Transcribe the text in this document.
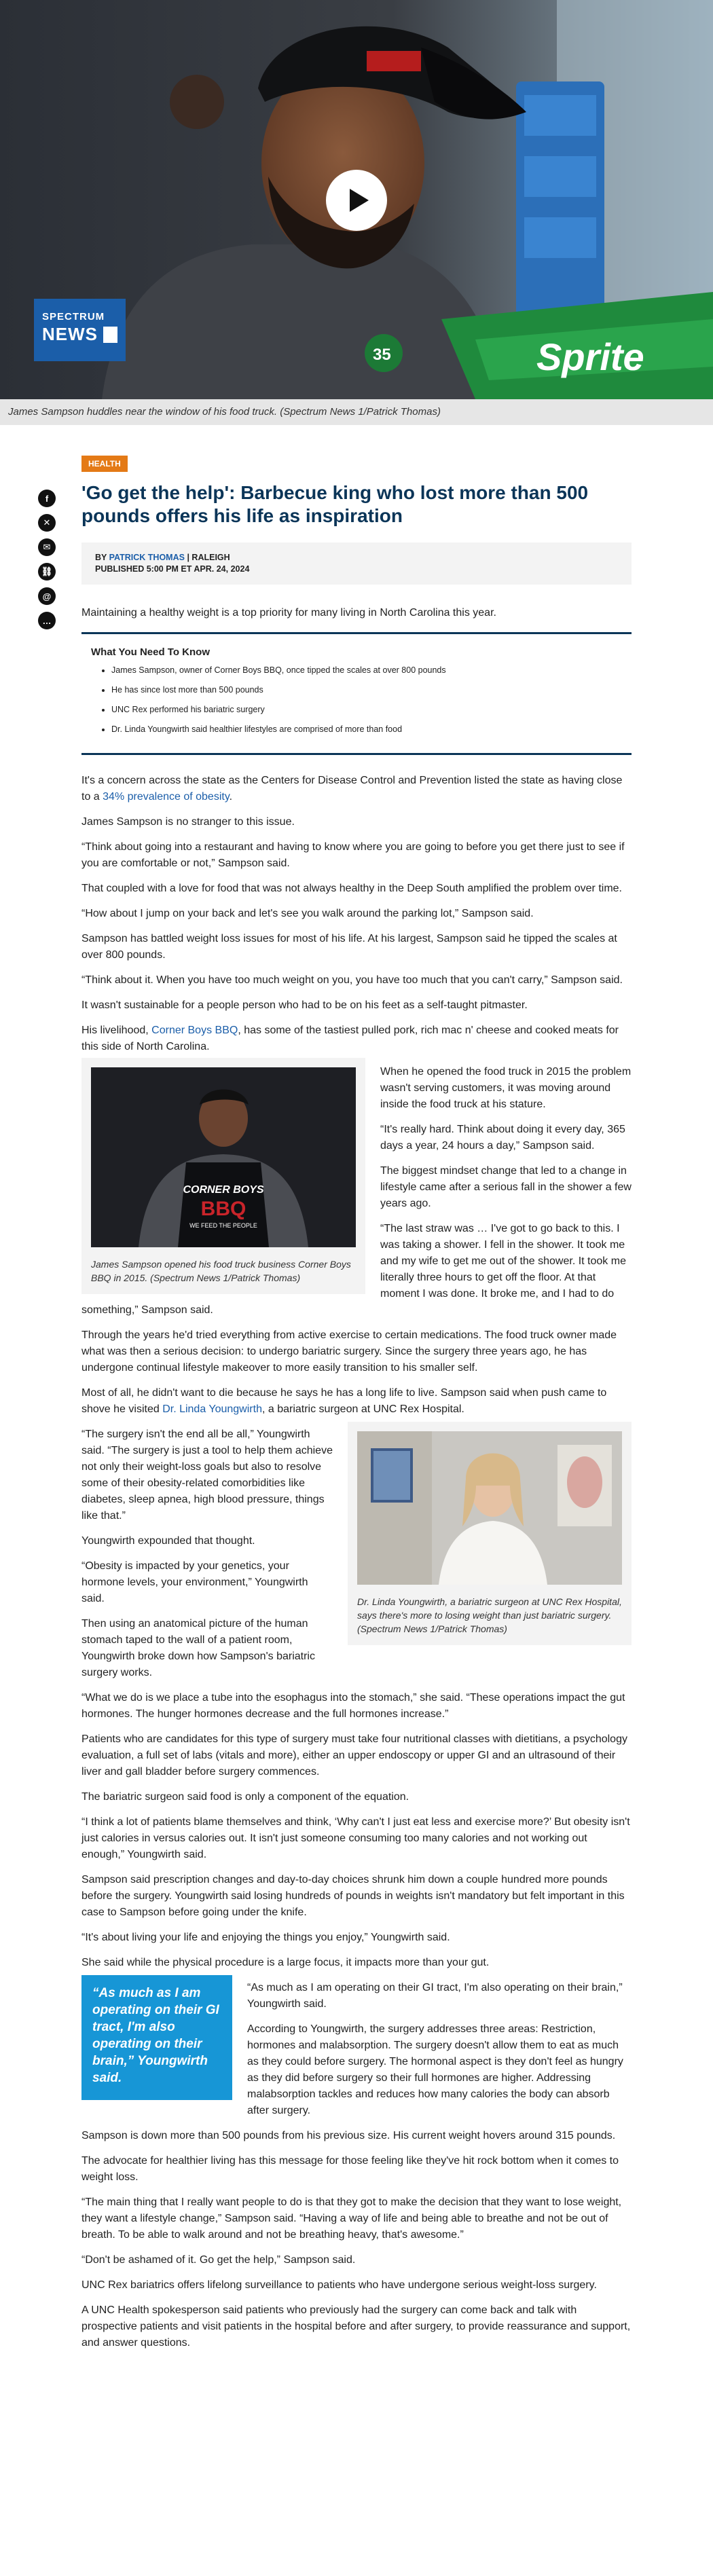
Sprite
35
SPECTRUM
NEWS
James Sampson huddles near the window of his food truck. (Spectrum News 1/Patrick Thomas)
f
✕
✉
⛓
@
…
HEALTH
'Go get the help': Barbecue king who lost more than 500 pounds offers his life as inspiration
BY PATRICK THOMAS | RALEIGH
PUBLISHED 5:00 PM ET APR. 24, 2024

Maintaining a healthy weight is a top priority for many living in North Carolina this year.

What You Need To Know
• James Sampson, owner of Corner Boys BBQ, once tipped the scales at over 800 pounds
• He has since lost more than 500 pounds
• UNC Rex performed his bariatric surgery
• Dr. Linda Youngwirth said healthier lifestyles are comprised of more than food

It's a concern across the state as the Centers for Disease Control and Prevention listed the state as having close to a 34% prevalence of obesity.

James Sampson is no stranger to this issue.

“Think about going into a restaurant and having to know where you are going to before you get there just to see if you are comfortable or not,” Sampson said.

That coupled with a love for food that was not always healthy in the Deep South amplified the problem over time.

“How about I jump on your back and let's see you walk around the parking lot,” Sampson said.

Sampson has battled weight loss issues for most of his life. At his largest, Sampson said he tipped the scales at over 800 pounds.

“Think about it. When you have too much weight on you, you have too much that you can't carry,” Sampson said.

It wasn't sustainable for a people person who had to be on his feet as a self-taught pitmaster.

His livelihood, Corner Boys BBQ, has some of the tastiest pulled pork, rich mac n' cheese and cooked meats for this side of North Carolina.

CORNER BOYS
BBQ
WE FEED THE PEOPLE
James Sampson opened his food truck business Corner Boys BBQ in 2015. (Spectrum News 1/Patrick Thomas)

When he opened the food truck in 2015 the problem wasn't serving customers, it was moving around inside the food truck at his stature.

“It's really hard. Think about doing it every day, 365 days a year, 24 hours a day,” Sampson said.

The biggest mindset change that led to a change in lifestyle came after a serious fall in the shower a few years ago.

“The last straw was … I've got to go back to this. I was taking a shower. I fell in the shower. It took me and my wife to get me out of the shower. It took me literally three hours to get off the floor. At that moment I was done. It broke me, and I had to do something,” Sampson said.

Through the years he'd tried everything from active exercise to certain medications. The food truck owner made what was then a serious decision: to undergo bariatric surgery. Since the surgery three years ago, he has undergone continual lifestyle makeover to more easily transition to his smaller self.

Most of all, he didn't want to die because he says he has a long life to live. Sampson said when push came to shove he visited Dr. Linda Youngwirth, a bariatric surgeon at UNC Rex Hospital.

Dr. Linda Youngwirth, a bariatric surgeon at UNC Rex Hospital, says there's more to losing weight than just bariatric surgery. (Spectrum News 1/Patrick Thomas)

“The surgery isn't the end all be all,” Youngwirth said. “The surgery is just a tool to help them achieve not only their weight-loss goals but also to resolve some of their obesity-related comorbidities like diabetes, sleep apnea, high blood pressure, things like that.”

Youngwirth expounded that thought.

“Obesity is impacted by your genetics, your hormone levels, your environment,” Youngwirth said.

Then using an anatomical picture of the human stomach taped to the wall of a patient room, Youngwirth broke down how Sampson's bariatric surgery works.

“What we do is we place a tube into the esophagus into the stomach,” she said. “These operations impact the gut hormones. The hunger hormones decrease and the full hormones increase.”

Patients who are candidates for this type of surgery must take four nutritional classes with dietitians, a psychology evaluation, a full set of labs (vitals and more), either an upper endoscopy or upper GI and an ultrasound of their liver and gall bladder before surgery commences.

The bariatric surgeon said food is only a component of the equation.

“I think a lot of patients blame themselves and think, ‘Why can't I just eat less and exercise more?’ But obesity isn't just calories in versus calories out. It isn't just someone consuming too many calories and not working out enough,” Youngwirth said.

Sampson said prescription changes and day-to-day choices shrunk him down a couple hundred more pounds before the surgery. Youngwirth said losing hundreds of pounds in weights isn't mandatory but felt important in this case to Sampson before going under the knife.

“It's about living your life and enjoying the things you enjoy,” Youngwirth said.

She said while the physical procedure is a large focus, it impacts more than your gut.

“As much as I am operating on their GI tract, I'm also operating on their brain,” Youngwirth said.

“As much as I am operating on their GI tract, I'm also operating on their brain,” Youngwirth said.

According to Youngwirth, the surgery addresses three areas: Restriction, hormones and malabsorption. The surgery doesn't allow them to eat as much as they could before surgery. The hormonal aspect is they don't feel as hungry as they did before surgery so their full hormones are higher. Addressing malabsorption tackles and reduces how many calories the body can absorb after surgery.

Sampson is down more than 500 pounds from his previous size. His current weight hovers around 315 pounds.

The advocate for healthier living has this message for those feeling like they've hit rock bottom when it comes to weight loss.

“The main thing that I really want people to do is that they got to make the decision that they want to lose weight, they want a lifestyle change,” Sampson said. “Having a way of life and being able to breathe and not be out of breath. To be able to walk around and not be breathing heavy, that's awesome.”

“Don't be ashamed of it. Go get the help,” Sampson said.

UNC Rex bariatrics offers lifelong surveillance to patients who have undergone serious weight-loss surgery.

A UNC Health spokesperson said patients who previously had the surgery can come back and talk with prospective patients and visit patients in the hospital before and after surgery, to provide reassurance and support, and answer questions.
